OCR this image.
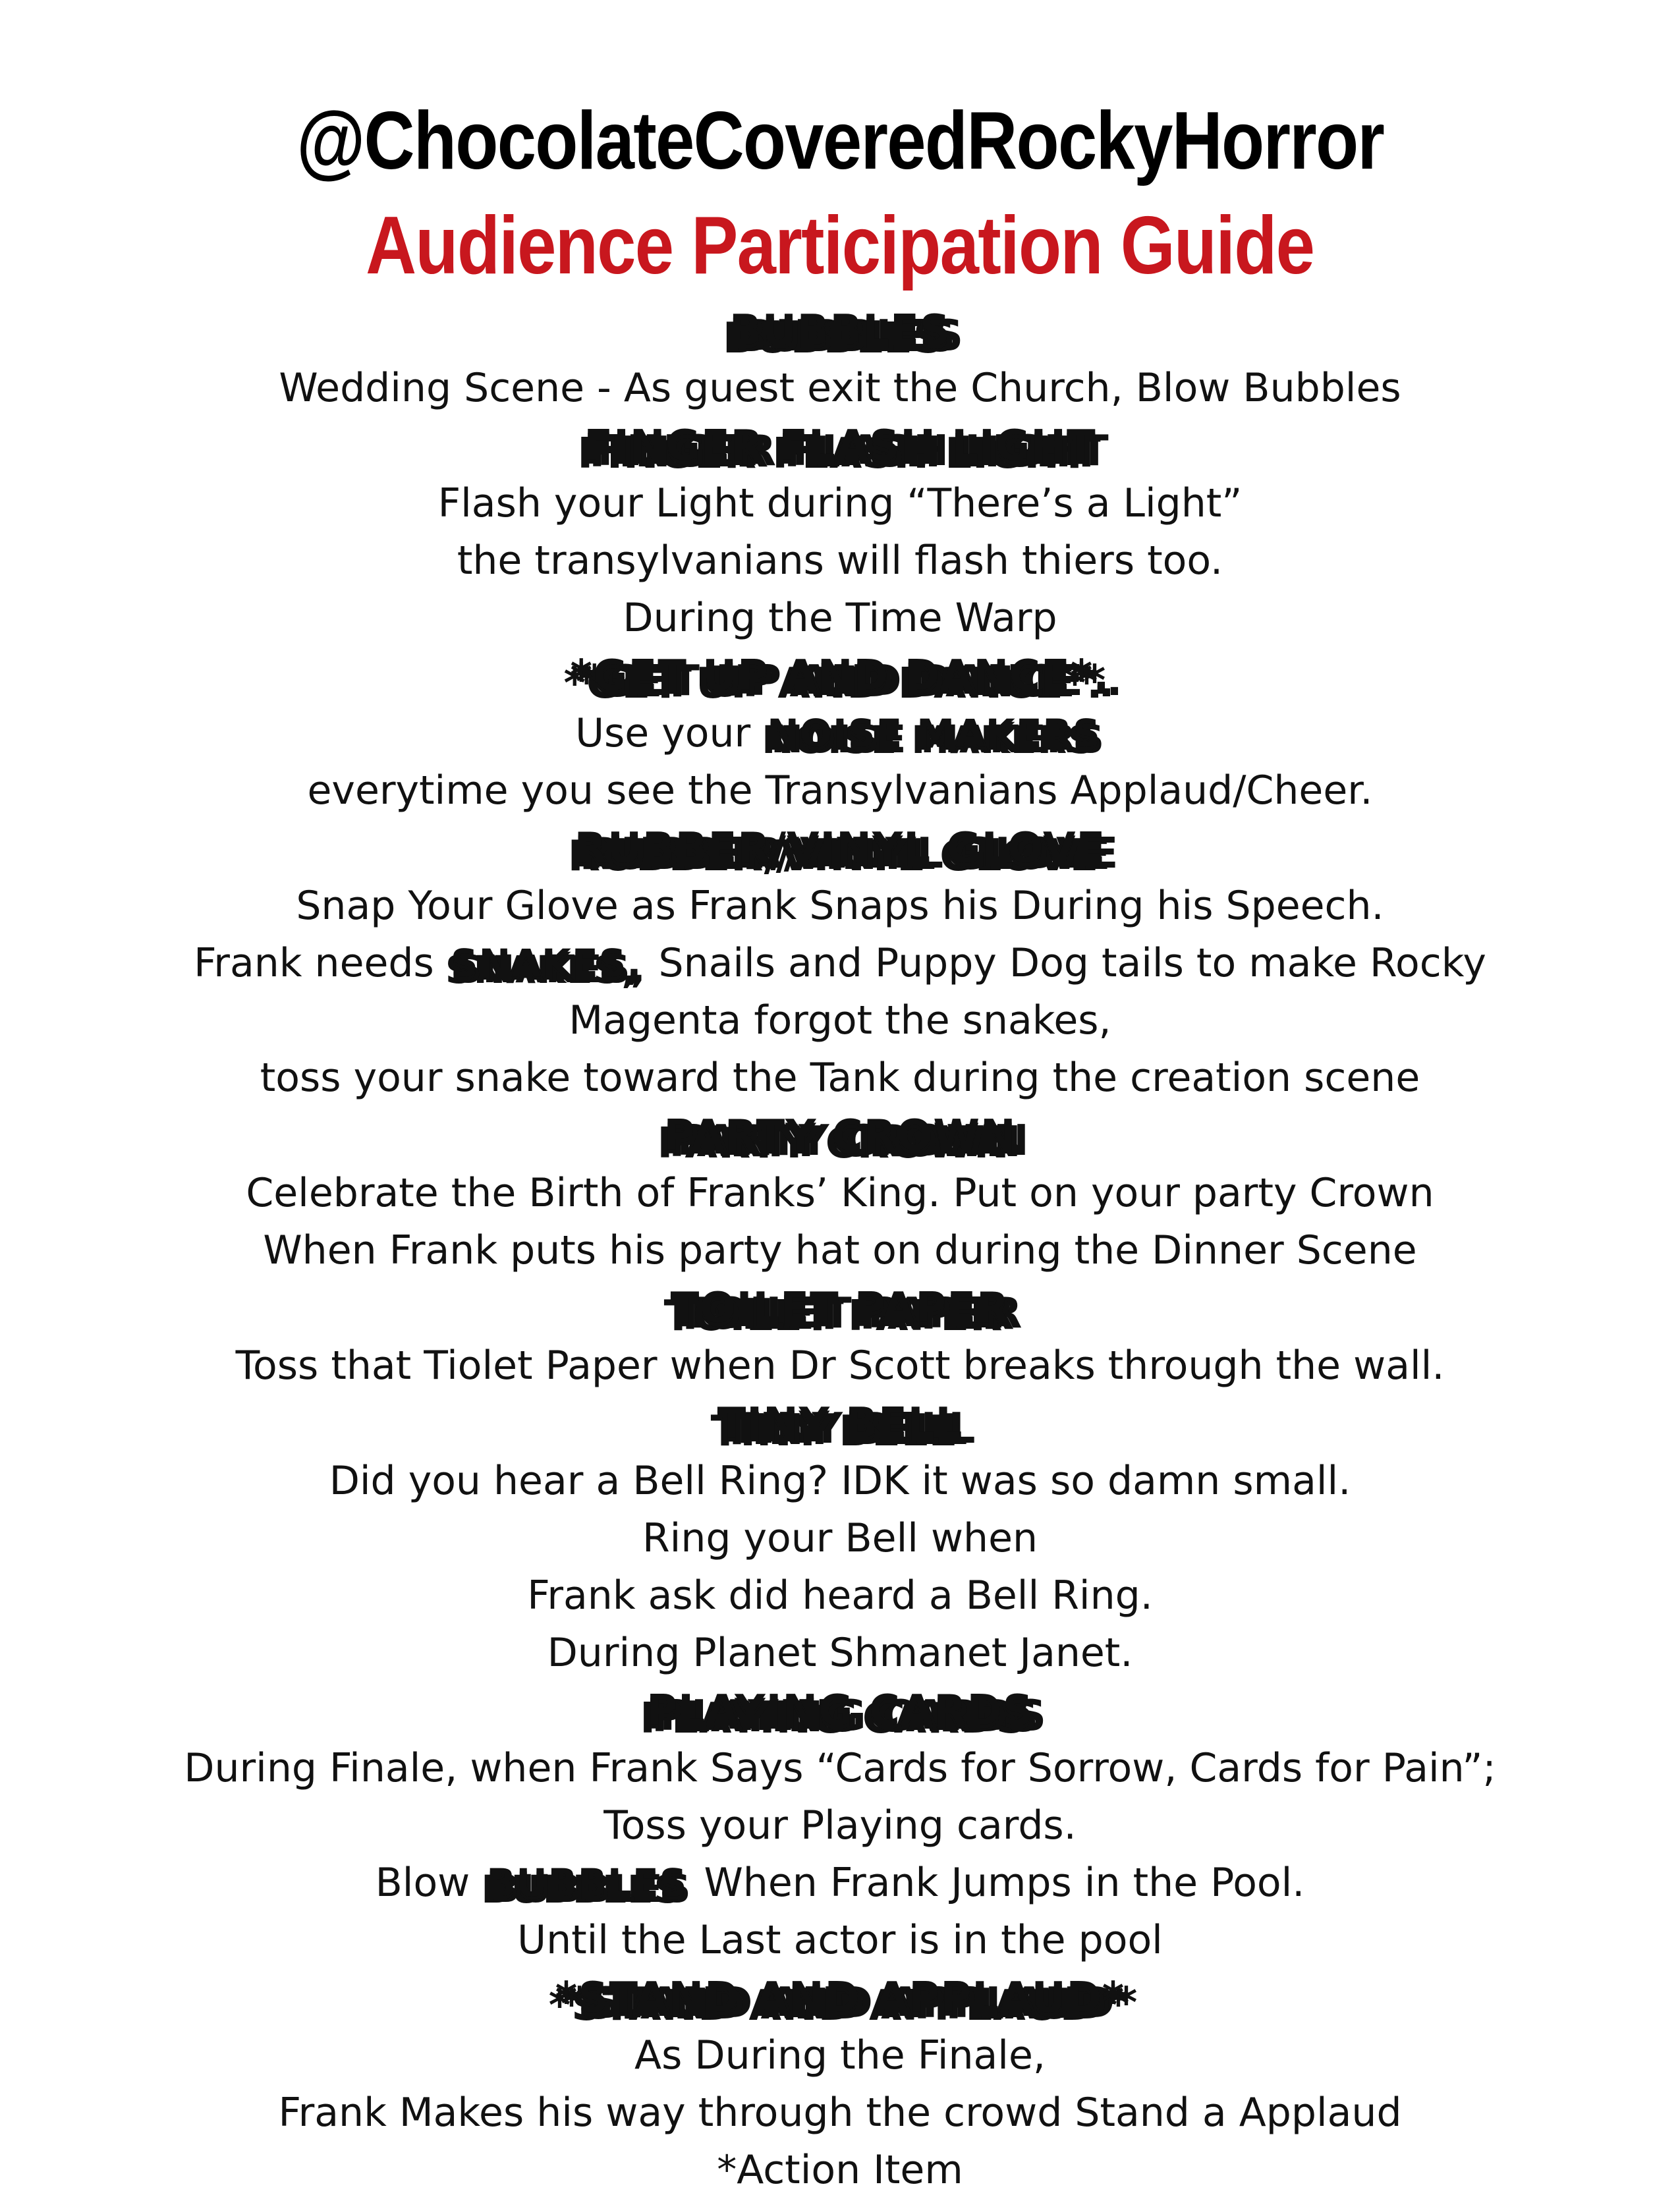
@ChocolateCoveredRockyHorror
Audience Participation Guide
BUBBLES
Wedding Scene - As guest exit the Church, Blow Bubbles
FINGER FLASH LIGHT
Flash your Light during “There’s a Light”
the transylvanians will flash thiers too.
During the Time Warp
*GET UP AND DANCE*.
Use your NOISE MAKERS
everytime you see the Transylvanians Applaud/Cheer.
RUBBER/VINYL GLOVE
Snap Your Glove as Frank Snaps his During his Speech.
Frank needs SNAKES, Snails and Puppy Dog tails to make Rocky
Magenta forgot the snakes,
toss your snake toward the Tank during the creation scene
PARTY CROWN
Celebrate the Birth of Franks’ King. Put on your party Crown
When Frank puts his party hat on during the Dinner Scene
TOILET PAPER
Toss that Tiolet Paper when Dr Scott breaks through the wall.
TINY BELL
Did you hear a Bell Ring? IDK it was so damn small.
Ring your Bell when
Frank ask did heard a Bell Ring.
During Planet Shmanet Janet.
PLAYING CARDS
During Finale, when Frank Says “Cards for Sorrow, Cards for Pain”;
Toss your Playing cards.
Blow BUBBLES When Frank Jumps in the Pool.
Until the Last actor is in the pool
*STAND AND APPLAUD*
As During the Finale,
Frank Makes his way through the crowd Stand a Applaud
*Action Item
